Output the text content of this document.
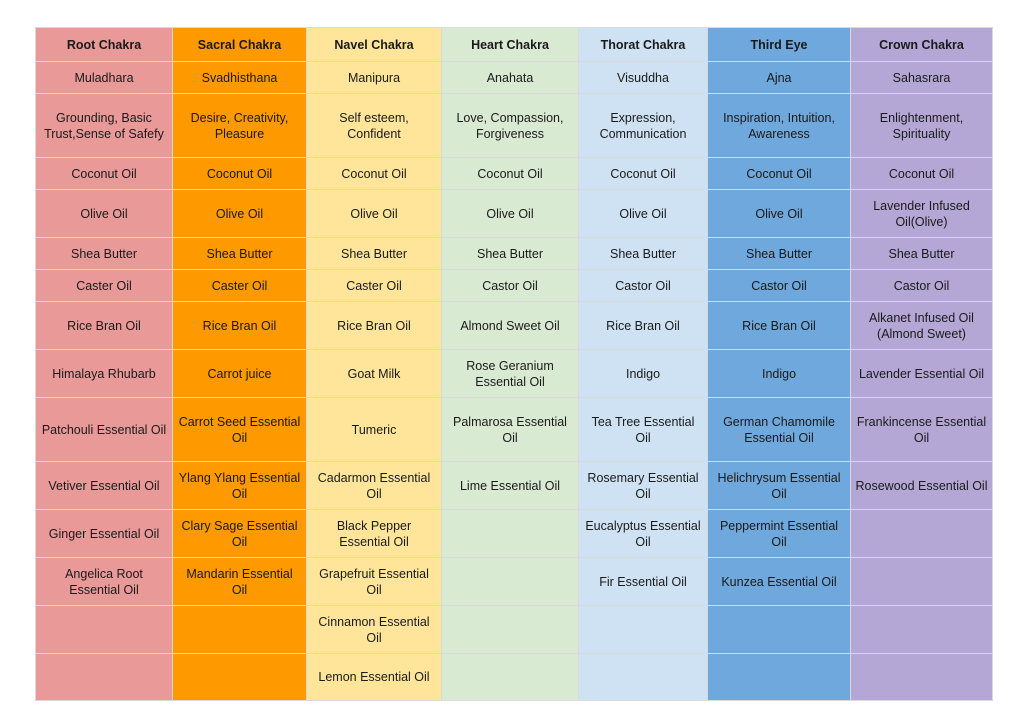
Root Chakra	Sacral Chakra	Navel Chakra	Heart Chakra	Thorat Chakra	Third Eye	Crown Chakra
Muladhara	Svadhisthana	Manipura	Anahata	Visuddha	Ajna	Sahasrara
Grounding, Basic Trust,Sense of Safefy	Desire, Creativity, Pleasure	Self esteem, Confident	Love, Compassion, Forgiveness	Expression, Communication	Inspiration, Intuition, Awareness	Enlightenment, Spirituality
Coconut Oil	Coconut Oil	Coconut Oil	Coconut Oil	Coconut Oil	Coconut Oil	Coconut Oil
Olive Oil	Olive Oil	Olive Oil	Olive Oil	Olive Oil	Olive Oil	Lavender Infused Oil(Olive)
Shea Butter	Shea Butter	Shea Butter	Shea Butter	Shea Butter	Shea Butter	Shea Butter
Caster Oil	Caster Oil	Caster Oil	Castor Oil	Castor Oil	Castor Oil	Castor Oil
Rice Bran Oil	Rice Bran Oil	Rice Bran Oil	Almond Sweet Oil	Rice Bran Oil	Rice Bran Oil	Alkanet Infused Oil (Almond Sweet)
Himalaya Rhubarb	Carrot juice	Goat Milk	Rose Geranium Essential Oil	Indigo	Indigo	Lavender Essential Oil
Patchouli Essential Oil	Carrot Seed Essential Oil	Tumeric	Palmarosa Essential Oil	Tea Tree Essential Oil	German Chamomile Essential Oil	Frankincense Essential Oil
Vetiver Essential Oil	Ylang Ylang Essential Oil	Cadarmon Essential Oil	Lime Essential Oil	Rosemary Essential Oil	Helichrysum Essential Oil	Rosewood Essential Oil
Ginger Essential Oil	Clary Sage Essential Oil	Black Pepper Essential Oil		Eucalyptus Essential Oil	Peppermint Essential Oil	
Angelica Root Essential Oil	Mandarin Essential Oil	Grapefruit Essential Oil		Fir Essential Oil	Kunzea Essential Oil	
		Cinnamon Essential Oil				
		Lemon Essential Oil				
